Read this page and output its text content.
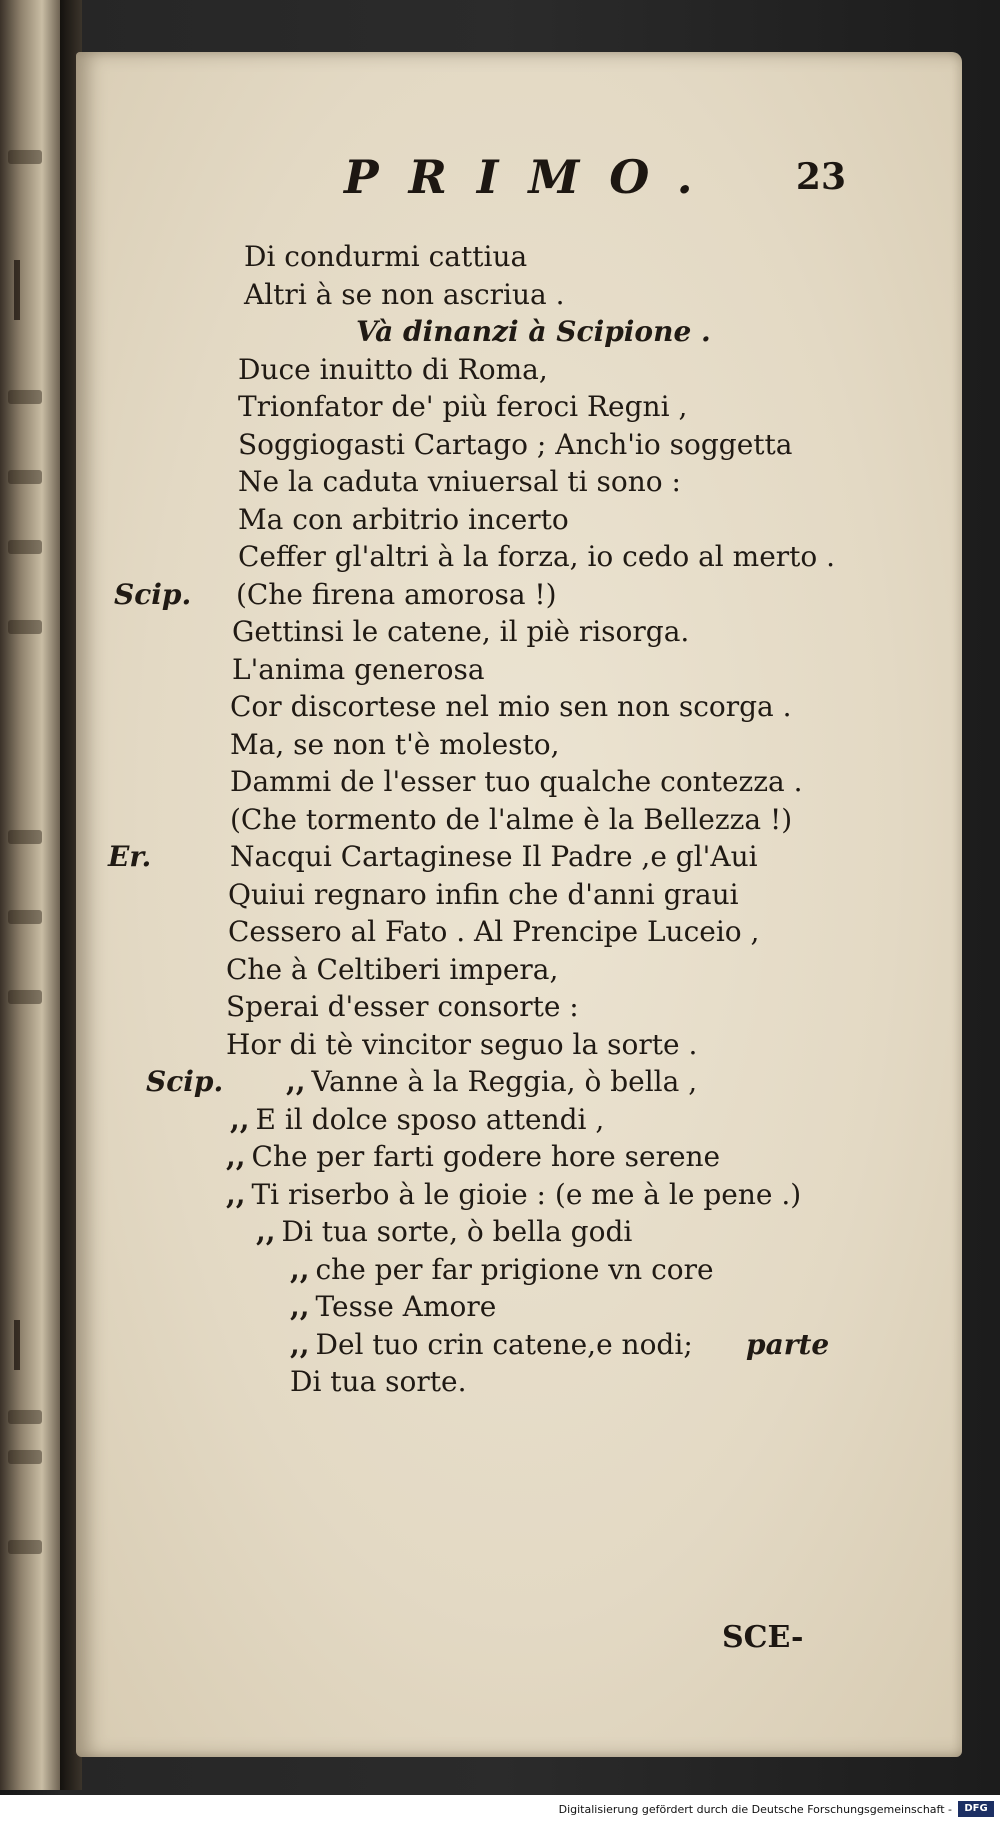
PRIMO. 23
Di condurmi cattiua
Altri à se non ascriua .
Và dinanzi à Scipione .
Duce inuitto di Roma,
Trionfator de' più feroci Regni ,
Soggiogasti Cartago ; Anch'io soggetta
Ne la caduta vniuersal ti sono :
Ma con arbitrio incerto
Ceffer gl'altri à la forza, io cedo al merto .
Scip. (Che firena amorosa !)
Gettinsi le catene, il piè risorga.
L'anima generosa
Cor discortese nel mio sen non scorga .
Ma, se non t'è molesto,
Dammi de l'esser tuo qualche contezza .
(Che tormento de l'alme è la Bellezza !)
Er.	Nacqui Cartaginese Il Padre ,e gl'Aui
Quiui regnaro infin che d'anni graui
Cessero al Fato . Al Prencipe Luceio ,
Che à Celtiberi impera,
Sperai d'esser consorte :
Hor di tè vincitor seguo la sorte .
Scip. ,, Vanne à la Reggia, ò bella ,
,, E il dolce sposo attendi ,
,, Che per farti godere hore serene
,, Ti riserbo à le gioie : (e me à le pene .)
,, Di tua sorte, ò bella godi
,, che per far prigione vn core
,, Tesse Amore
,, Del tuo crin catene,e nodi; parte
Di tua sorte.
SCE-
Digitalisierung gefördert durch die Deutsche Forschungsgemeinschaft -	DFG
